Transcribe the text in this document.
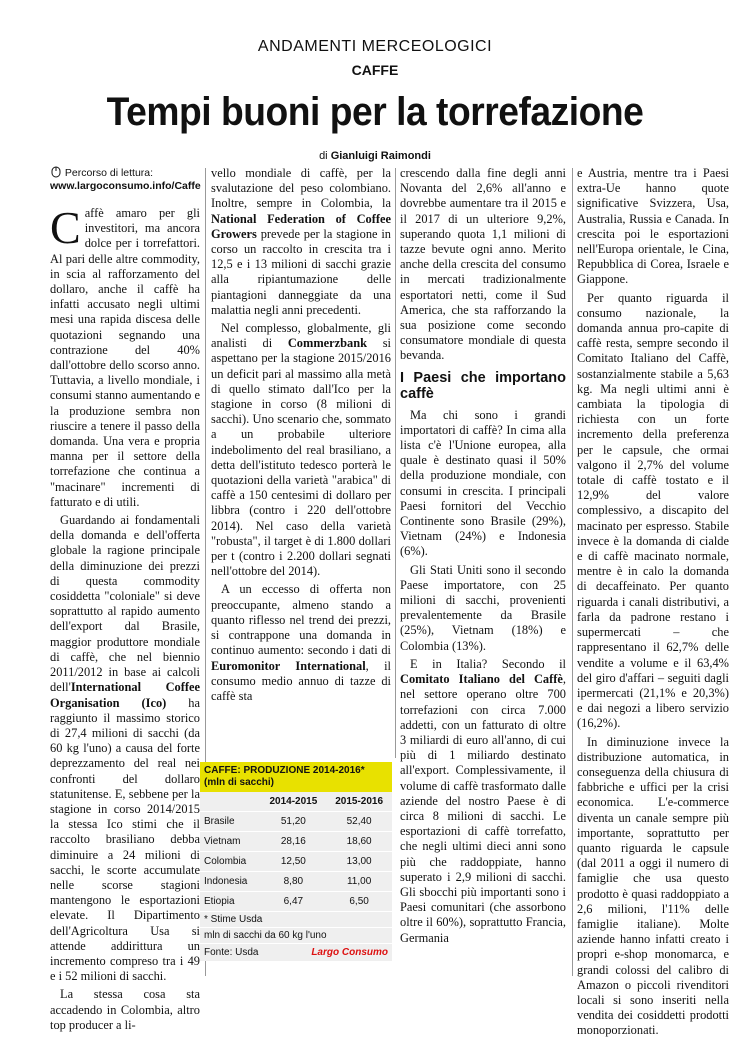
ANDAMENTI MERCEOLOGICI
CAFFE
Tempi buoni per la torrefazione
di Gianluigi Raimondi
Percorso di lettura:
www.largoconsumo.info/Caffe

Caffè amaro per gli investitori, ma ancora dolce per i torrefattori. Al pari delle altre commodity, in scia al rafforzamento del dollaro, anche il caffè ha infatti accusato negli ultimi mesi una rapida discesa delle quotazioni segnando una contrazione del 40% dall'ottobre dello scorso anno. Tuttavia, a livello mondiale, i consumi stanno aumentando e la produzione sembra non riuscire a tenere il passo della domanda. Una vera e propria manna per il settore della torrefazione che continua a "macinare" incrementi di fatturato e di utili.

Guardando ai fondamentali della domanda e dell'offerta globale la ragione principale della diminuzione dei prezzi di questa commodity cosiddetta "coloniale" si deve soprattutto al rapido aumento dell'export dal Brasile, maggior produttore mondiale di caffè, che nel biennio 2011/2012 in base ai calcoli dell'International Coffee Organisation (Ico) ha raggiunto il massimo storico di 27,4 milioni di sacchi (da 60 kg l'uno) a causa del forte deprezzamento del real nei confronti del dollaro statunitense. E, sebbene per la stagione in corso 2014/2015 la stessa Ico stimi che il raccolto brasiliano debba diminuire a 24 milioni di sacchi, le scorte accumulate nelle scorse stagioni mantengono le esportazioni elevate. Il Dipartimento dell'Agricoltura Usa si attende addirittura un incremento compreso tra i 49 e i 52 milioni di sacchi.

La stessa cosa sta accadendo in Colombia, altro top producer a li-

vello mondiale di caffè, per la svalutazione del peso colombiano. Inoltre, sempre in Colombia, la National Federation of Coffee Growers prevede per la stagione in corso un raccolto in crescita tra i 12,5 e i 13 milioni di sacchi grazie alla ripiantumazione delle piantagioni danneggiate da una malattia negli anni precedenti.

Nel complesso, globalmente, gli analisti di Commerzbank si aspettano per la stagione 2015/2016 un deficit pari al massimo alla metà di quello stimato dall'Ico per la stagione in corso (8 milioni di sacchi). Uno scenario che, sommato a un probabile ulteriore indebolimento del real brasiliano, a detta dell'istituto tedesco porterà le quotazioni della varietà "arabica" di caffè a 150 centesimi di dollaro per libbra (contro i 220 dell'ottobre 2014). Nel caso della varietà "robusta", il target è di 1.800 dollari per t (contro i 2.200 dollari segnati nell'ottobre del 2014).

A un eccesso di offerta non preoccupante, almeno stando a quanto riflesso nel trend dei prezzi, si contrappone una domanda in continuo aumento: secondo i dati di Euromonitor International, il consumo medio annuo di tazze di caffè sta

crescendo dalla fine degli anni Novanta del 2,6% all'anno e dovrebbe aumentare tra il 2015 e il 2017 di un ulteriore 9,2%, superando quota 1,1 milioni di tazze bevute ogni anno. Merito anche della crescita del consumo in mercati tradizionalmente esportatori netti, come il Sud America, che sta rafforzando la sua posizione come secondo consumatore mondiale di questa bevanda.

I Paesi che importano caffè

Ma chi sono i grandi importatori di caffè? In cima alla lista c'è l'Unione europea, alla quale è destinato quasi il 50% della produzione mondiale, con consumi in crescita. I principali Paesi fornitori del Vecchio Continente sono Brasile (29%), Vietnam (24%) e Indonesia (6%).

Gli Stati Uniti sono il secondo Paese importatore, con 25 milioni di sacchi, provenienti prevalentemente da Brasile (25%), Vietnam (18%) e Colombia (13%).

E in Italia? Secondo il Comitato Italiano del Caffè, nel settore operano oltre 700 torrefazioni con circa 7.000 addetti, con un fatturato di oltre 3 miliardi di euro all'anno, di cui più di 1 miliardo destinato all'export. Complessivamente, il volume di caffè trasformato dalle aziende del nostro Paese è di circa 8 milioni di sacchi. Le esportazioni di caffè torrefatto, che negli ultimi dieci anni sono più che raddoppiate, hanno superato i 2,9 milioni di sacchi. Gli sbocchi più importanti sono i Paesi comunitari (che assorbono oltre il 60%), soprattutto Francia, Germania

e Austria, mentre tra i Paesi extra-Ue hanno quote significative Svizzera, Usa, Australia, Russia e Canada. In crescita poi le esportazioni nell'Europa orientale, le Cina, Repubblica di Corea, Israele e Giappone.

Per quanto riguarda il consumo nazionale, la domanda annua pro-capite di caffè resta, sempre secondo il Comitato Italiano del Caffè, sostanzialmente stabile a 5,63 kg. Ma negli ultimi anni è cambiata la tipologia di richiesta con un forte incremento della preferenza per le capsule, che ormai valgono il 2,7% del volume totale di caffè tostato e il 12,9% del valore complessivo, a discapito del macinato per espresso. Stabile invece è la domanda di cialde e di caffè macinato normale, mentre è in calo la domanda di decaffeinato. Per quanto riguarda i canali distributivi, a farla da padrone restano i supermercati – che rappresentano il 62,7% delle vendite a volume e il 63,4% del giro d'affari – seguiti dagli ipermercati (21,1% e 20,3%) e dai negozi a libero servizio (16,2%).

In diminuzione invece la distribuzione automatica, in conseguenza della chiusura di fabbriche e uffici per la crisi economica. L'e-commerce diventa un canale sempre più importante, soprattutto per quanto riguarda le capsule (dal 2011 a oggi il numero di famiglie che usa questo prodotto è quasi raddoppiato a 2,6 milioni, l'11% delle famiglie italiane). Molte aziende hanno infatti creato i propri e-shop monomarca, e grandi colossi del calibro di Amazon o piccoli rivenditori locali si sono inseriti nella vendita dei cosiddetti prodotti monoporzionati.

CAFFE: PRODUZIONE 2014-2016*
(mln di sacchi)
	2014-2015	2015-2016
Brasile	51,20	52,40
Vietnam	28,16	18,60
Colombia	12,50	13,00
Indonesia	8,80	11,00
Etiopia	6,47	6,50
* Stime Usda
mln di sacchi da 60 kg l'uno
Fonte: Usda	Largo Consumo
